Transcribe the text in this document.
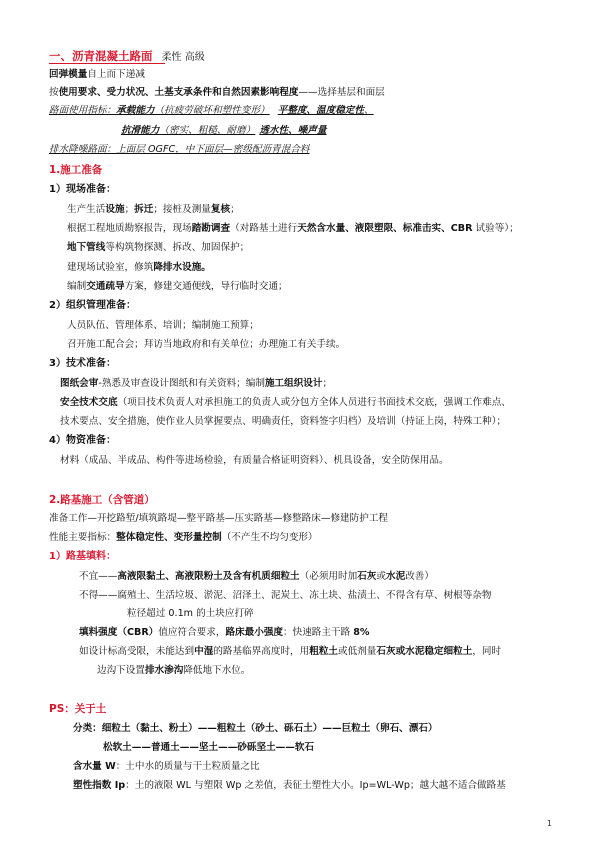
一、沥青混凝土路面 柔性 高级
回弹模量自上而下递减
按使用要求、受力状况、土基支承条件和自然因素影响程度——选择基层和面层
路面使用指标：承载能力（抗疲劳破坏和塑性变形） 平整度、温度稳定性、
抗滑能力（密实、粗糙、耐磨） 透水性、噪声量
排水降噪路面：上面层 OGFC，中下面层—密级配沥青混合料
1.施工准备
1）现场准备：
生产生活设施；拆迁；接桩及测量复核；
根据工程地质勘察报告，现场踏勘调查（对路基土进行天然含水量、液限塑限、标准击实、CBR 试验等）；
地下管线等构筑物探测、拆改、加固保护；
建现场试验室，修筑降排水设施。
编制交通疏导方案，修建交通便线，导行临时交通；
2）组织管理准备：
人员队伍、管理体系、培训；编制施工预算；
召开施工配合会；拜访当地政府和有关单位；办理施工有关手续。
3）技术准备：
图纸会审-熟悉及审查设计图纸和有关资料；编制施工组织设计；
安全技术交底（项目技术负责人对承担施工的负责人或分包方全体人员进行书面技术交底，强调工作难点、
技术要点、安全措施，使作业人员掌握要点、明确责任，资料签字归档）及培训（持证上岗，特殊工种）；
4）物资准备：
材料（成品、半成品、构件等进场检验，有质量合格证明资料）、机具设备，安全防保用品。
2.路基施工（含管道）
准备工作—开挖路堑/填筑路堤—整平路基—压实路基—修整路床—修建防护工程
性能主要指标：整体稳定性、变形量控制（不产生不均匀变形）
1）路基填料：
不宜——高液限黏土、高液限粉土及含有机质细粒土（必须用时加石灰或水泥改善）
不得——腐殖土、生活垃圾、淤泥、沼泽土、泥炭土、冻土块、盐渍土、不得含有草、树根等杂物
粒径超过 0.1m 的土块应打碎
填料强度（CBR）值应符合要求，路床最小强度：快速路主干路 8%
如设计标高受限，未能达到中湿的路基临界高度时，用粗粒土或低剂量石灰或水泥稳定细粒土，同时
边沟下设置排水渗沟降低地下水位。
PS：关于土
分类：细粒土（黏土、粉土）——粗粒土（砂土、砾石土）——巨粒土（卵石、漂石）
松软土——普通土——坚土——砂砾坚土——软石
含水量 W：土中水的质量与干土粒质量之比
塑性指数 Ip：土的液限 WL 与塑限 Wp 之差值，表征土塑性大小。Ip=WL-Wp；越大越不适合做路基
1
